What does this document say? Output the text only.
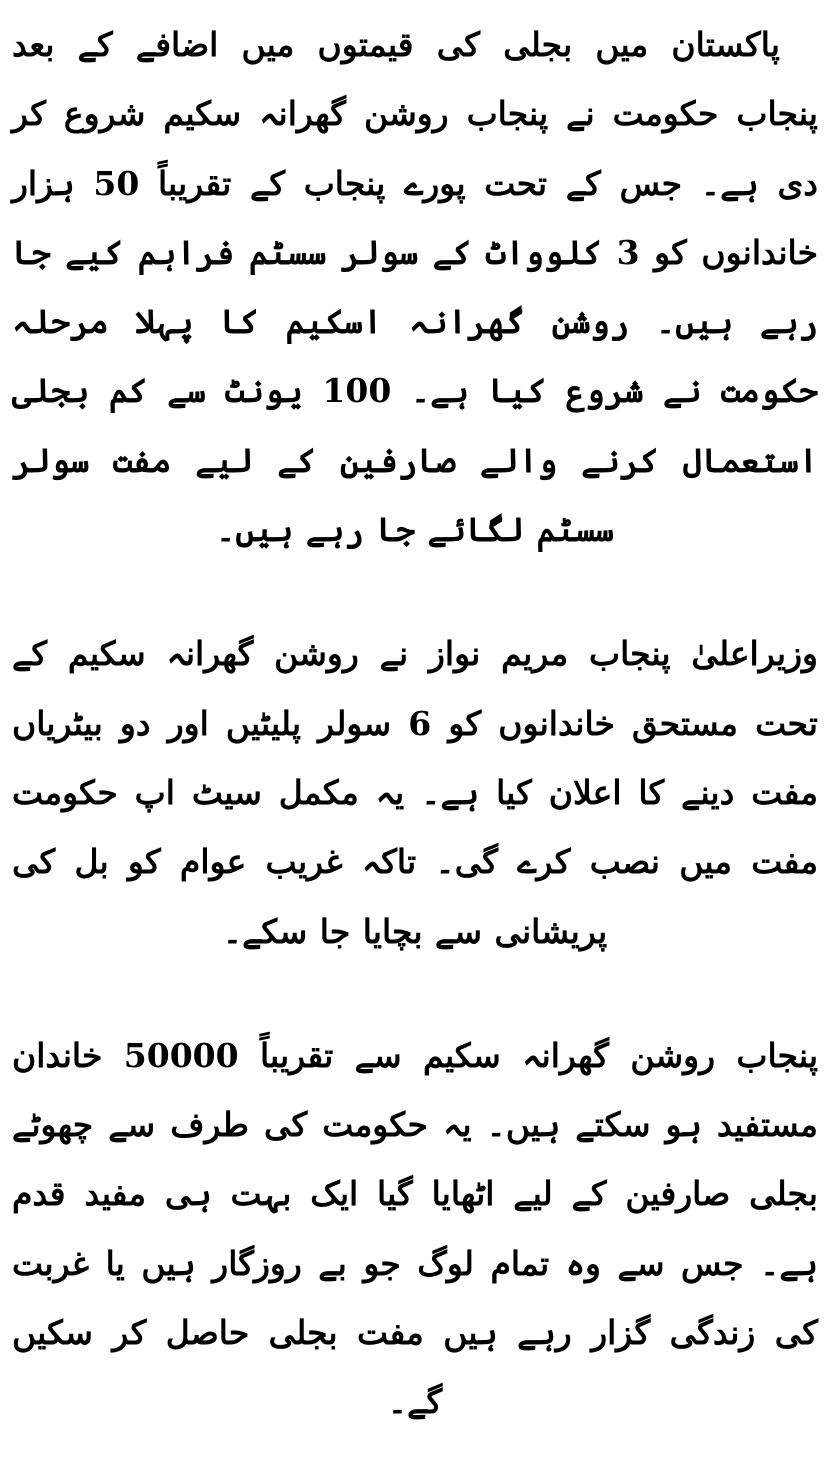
پاکستان میں بجلی کی قیمتوں میں اضافے کے بعد پنجاب حکومت نے پنجاب روشن گھرانہ سکیم شروع کر دی ہے۔ جس کے تحت پورے پنجاب کے تقریباً 50 ہزار خاندانوں کو 3 کلوواٹ کے سولر سسٹم فراہم کیے جا رہے ہیں۔ روشن گھرانہ اسکیم کا پہلا مرحلہ حکومت نے شروع کیا ہے۔ 100 یونٹ سے کم بجلی استعمال کرنے والے صارفین کے لیے مفت سولر سسٹم لگائے جا رہے ہیں۔

وزیراعلیٰ پنجاب مریم نواز نے روشن گھرانہ سکیم کے تحت مستحق خاندانوں کو 6 سولر پلیٹیں اور دو بیٹریاں مفت دینے کا اعلان کیا ہے۔ یہ مکمل سیٹ اپ حکومت مفت میں نصب کرے گی۔ تاکہ غریب عوام کو بل کی پریشانی سے بچایا جا سکے۔

پنجاب روشن گھرانہ سکیم سے تقریباً 50000 خاندان مستفید ہو سکتے ہیں۔ یہ حکومت کی طرف سے چھوٹے بجلی صارفین کے لیے اٹھایا گیا ایک بہت ہی مفید قدم ہے۔ جس سے وہ تمام لوگ جو بے روزگار ہیں یا غربت کی زندگی گزار رہے ہیں مفت بجلی حاصل کر سکیں گے۔
